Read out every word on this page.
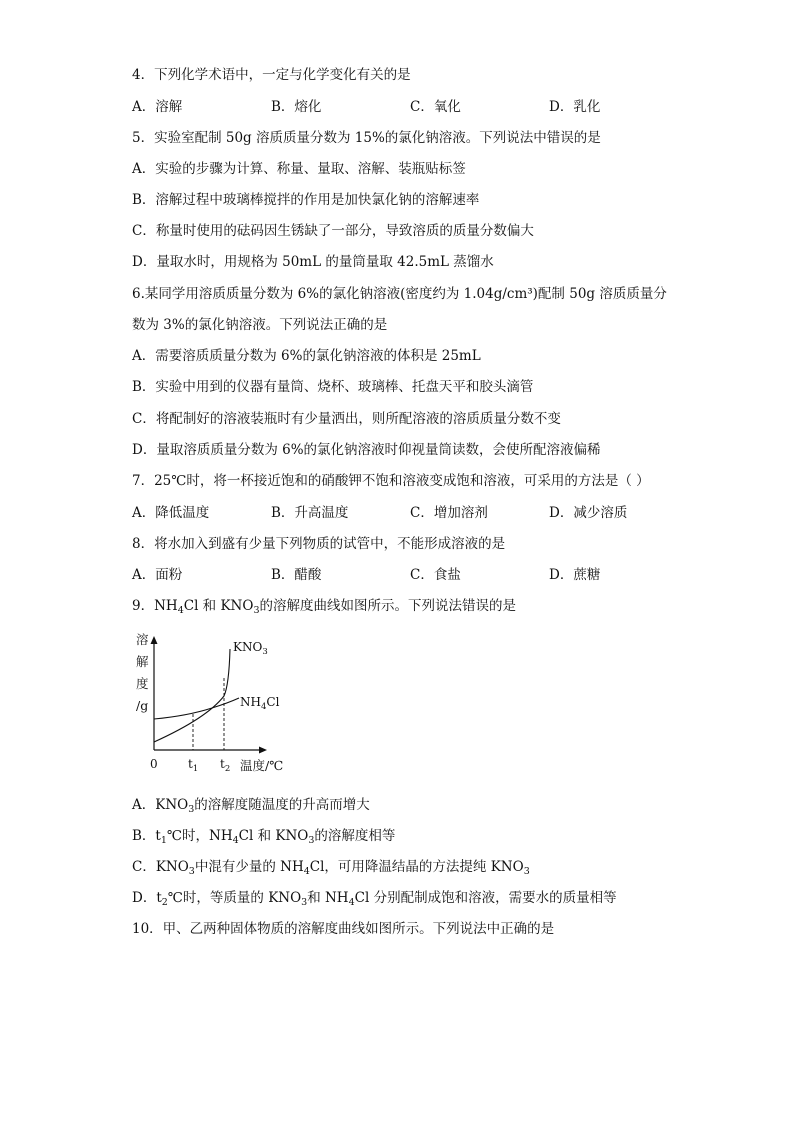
4．下列化学术语中，一定与化学变化有关的是
A．溶解	B．熔化	C．氧化	D．乳化
5．实验室配制 50g 溶质质量分数为 15%的氯化钠溶液。下列说法中错误的是
A．实验的步骤为计算、称量、量取、溶解、装瓶贴标签
B．溶解过程中玻璃棒搅拌的作用是加快氯化钠的溶解速率
C．称量时使用的砝码因生锈缺了一部分，导致溶质的质量分数偏大
D．量取水时，用规格为 50mL 的量筒量取 42.5mL 蒸馏水
6.某同学用溶质质量分数为 6%的氯化钠溶液(密度约为 1.04g/cm³)配制 50g 溶质质量分
数为 3%的氯化钠溶液。下列说法正确的是
A．需要溶质质量分数为 6%的氯化钠溶液的体积是 25mL
B．实验中用到的仪器有量筒、烧杯、玻璃棒、托盘天平和胶头滴管
C．将配制好的溶液装瓶时有少量洒出，则所配溶液的溶质质量分数不变
D．量取溶质质量分数为 6%的氯化钠溶液时仰视量筒读数，会使所配溶液偏稀
7．25℃时，将一杯接近饱和的硝酸钾不饱和溶液变成饱和溶液，可采用的方法是（ ）
A．降低温度	B．升高温度	C．增加溶剂	D．减少溶质
8．将水加入到盛有少量下列物质的试管中，不能形成溶液的是
A．面粉	B．醋酸	C．食盐	D．蔗糖
9．$NH_4Cl$ 和 $KNO_3$的溶解度曲线如图所示。下列说法错误的是
溶
解
度
/g
$KNO_3$
$NH_4Cl$
0	$t_1$ $t_2$ 温度/℃
A．$KNO_3$的溶解度随温度的升高而增大
B．$t_1℃$时，$NH_4Cl$ 和 $KNO_3$的溶解度相等
C．$KNO_3$中混有少量的 $NH_4Cl$，可用降温结晶的方法提纯 $KNO_3$
D．$t_2℃$时，等质量的 $KNO_3$和 $NH_4Cl$ 分别配制成饱和溶液，需要水的质量相等
10．甲、乙两种固体物质的溶解度曲线如图所示。下列说法中正确的是
